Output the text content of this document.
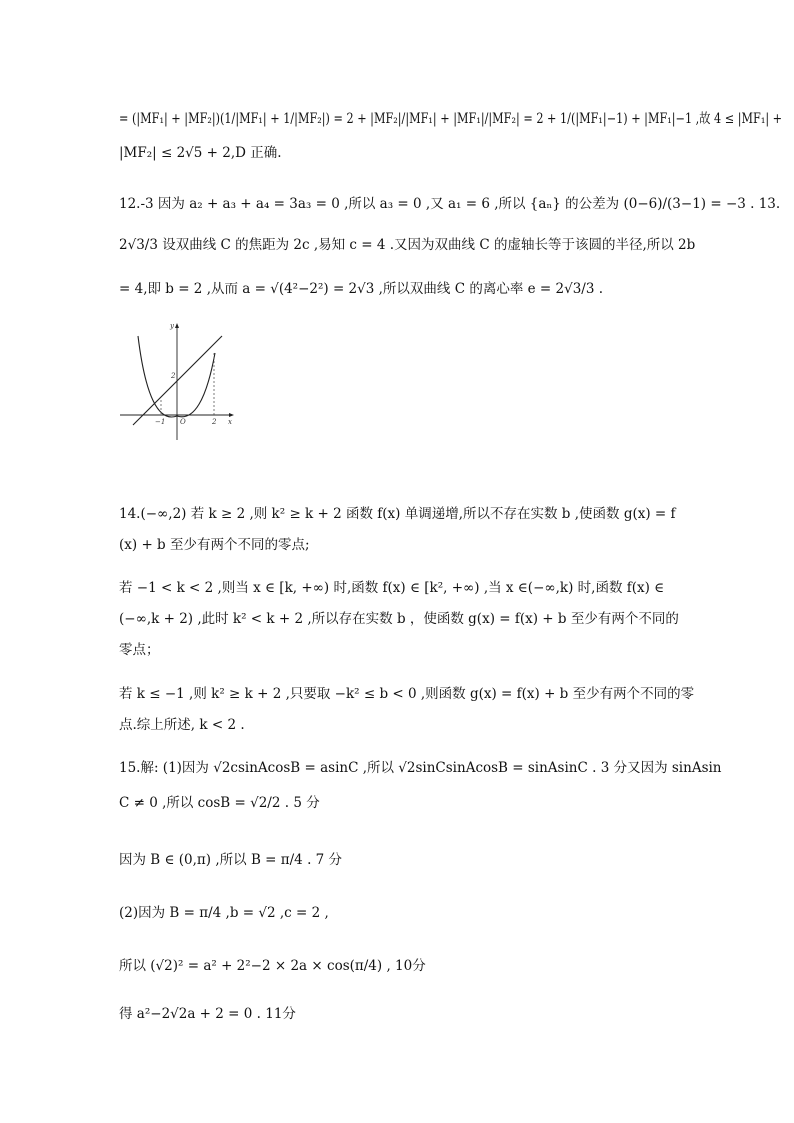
= (|MF₁| + |MF₂|)(1/|MF₁| + 1/|MF₂|) = 2 + |MF₂|/|MF₁| + |MF₁|/|MF₂| = 2 + 1/(|MF₁|−1) + |MF₁|−1 ,故 4 ≤ |MF₁| +
|MF₂| ≤ 2√5 + 2,D 正确.
12.-3 因为 a₂ + a₃ + a₄ = 3a₃ = 0 ,所以 a₃ = 0 ,又 a₁ = 6 ,所以 {aₙ} 的公差为 (0−6)/(3−1) = −3 . 13.
2√3/3 设双曲线 C 的焦距为 2c ,易知 c = 4 .又因为双曲线 C 的虚轴长等于该圆的半径,所以 2b
= 4,即 b = 2 ,从而 a = √(4²−2²) = 2√3 ,所以双曲线 C 的离心率 e = 2√3/3 .
y
x
O
2
−1	2
14.(−∞,2) 若 k ≥ 2 ,则 k² ≥ k + 2 函数 f(x) 单调递增,所以不存在实数 b ,使函数 g(x) = f
(x) + b 至少有两个不同的零点;
若 −1 < k < 2 ,则当 x ∈ [k, +∞) 时,函数 f(x) ∈ [k², +∞) ,当 x ∈(−∞,k) 时,函数 f(x) ∈
(−∞,k + 2) ,此时 k² < k + 2 ,所以存在实数 b ，使函数 g(x) = f(x) + b 至少有两个不同的
零点；
若 k ≤ −1 ,则 k² ≥ k + 2 ,只要取 −k² ≤ b < 0 ,则函数 g(x) = f(x) + b 至少有两个不同的零
点.综上所述, k < 2 .
15.解: (1)因为 √2csinAcosB = asinC ,所以 √2sinCsinAcosB = sinAsinC . 3 分又因为 sinAsin
C ≠ 0 ,所以 cosB = √2/2 . 5 分
因为 B ∈ (0,π) ,所以 B = π/4 . 7 分
(2)因为 B = π/4 ,b = √2 ,c = 2 ,
所以 (√2)² = a² + 2²−2 × 2a × cos(π/4) , 10分
得 a²−2√2a + 2 = 0 . 11分
